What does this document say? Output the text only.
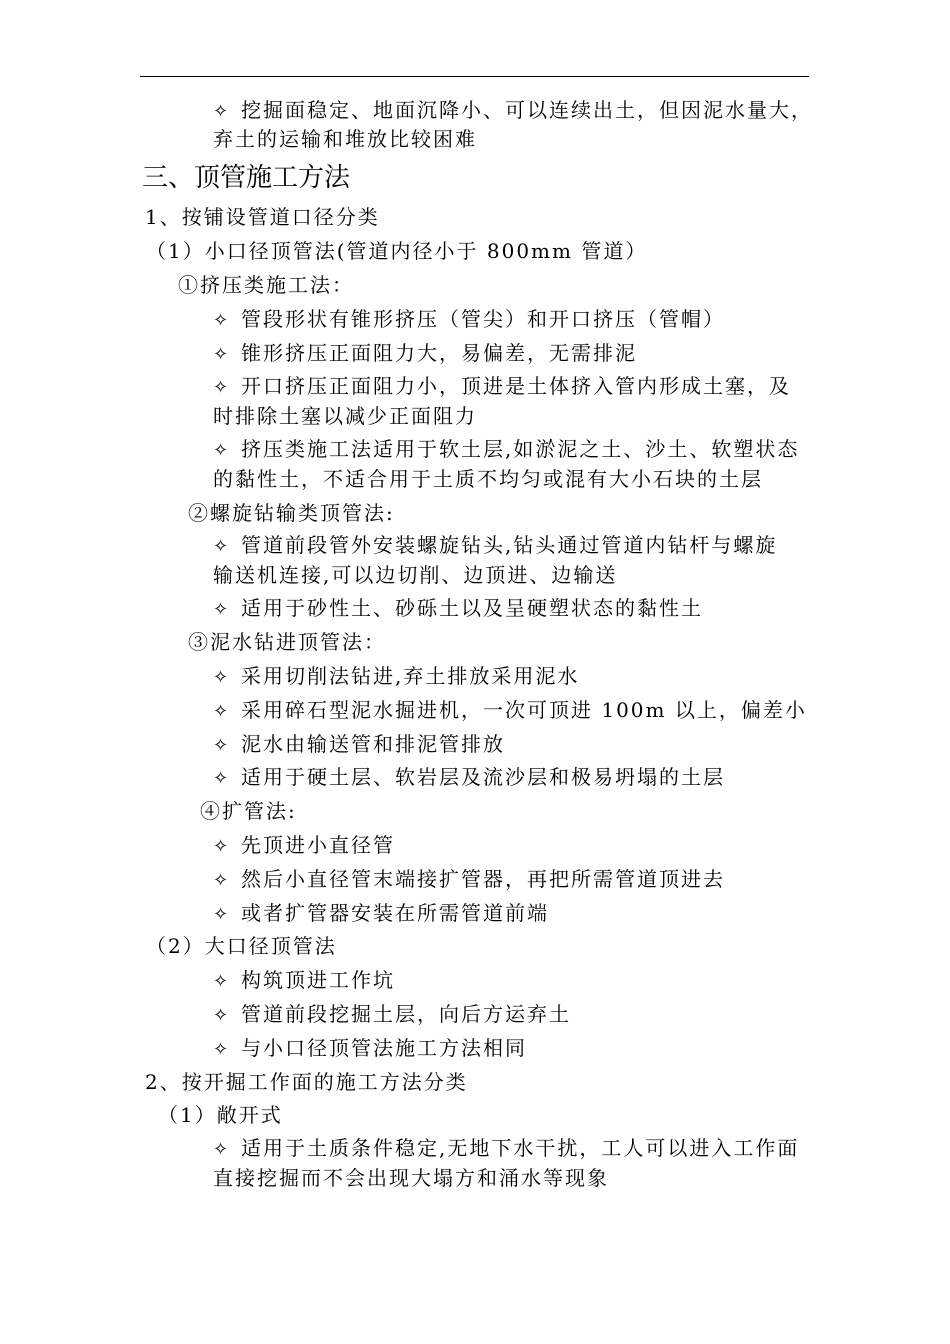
✧ 挖掘面稳定、地面沉降小、可以连续出土，但因泥水量大，
弃土的运输和堆放比较困难
三、顶管施工方法
1、按铺设管道口径分类
（1）小口径顶管法(管道内径小于 800mm 管道）
①挤压类施工法：
✧ 管段形状有锥形挤压（管尖）和开口挤压（管帽）
✧ 锥形挤压正面阻力大，易偏差，无需排泥
✧ 开口挤压正面阻力小，顶进是土体挤入管内形成土塞，及
时排除土塞以减少正面阻力
✧ 挤压类施工法适用于软土层,如淤泥之土、沙土、软塑状态
的黏性土，不适合用于土质不均匀或混有大小石块的土层
②螺旋钻输类顶管法:
✧ 管道前段管外安装螺旋钻头,钻头通过管道内钻杆与螺旋
输送机连接,可以边切削、边顶进、边输送
✧ 适用于砂性土、砂砾土以及呈硬塑状态的黏性土
③泥水钻进顶管法：
✧ 采用切削法钻进,弃土排放采用泥水
✧ 采用碎石型泥水掘进机，一次可顶进 100m 以上，偏差小
✧ 泥水由输送管和排泥管排放
✧ 适用于硬土层、软岩层及流沙层和极易坍塌的土层
④扩管法:
✧ 先顶进小直径管
✧ 然后小直径管末端接扩管器，再把所需管道顶进去
✧ 或者扩管器安装在所需管道前端
（2）大口径顶管法
✧ 构筑顶进工作坑
✧ 管道前段挖掘土层，向后方运弃土
✧ 与小口径顶管法施工方法相同
2、按开掘工作面的施工方法分类
（1）敞开式
✧ 适用于土质条件稳定,无地下水干扰，工人可以进入工作面
直接挖掘而不会出现大塌方和涌水等现象
